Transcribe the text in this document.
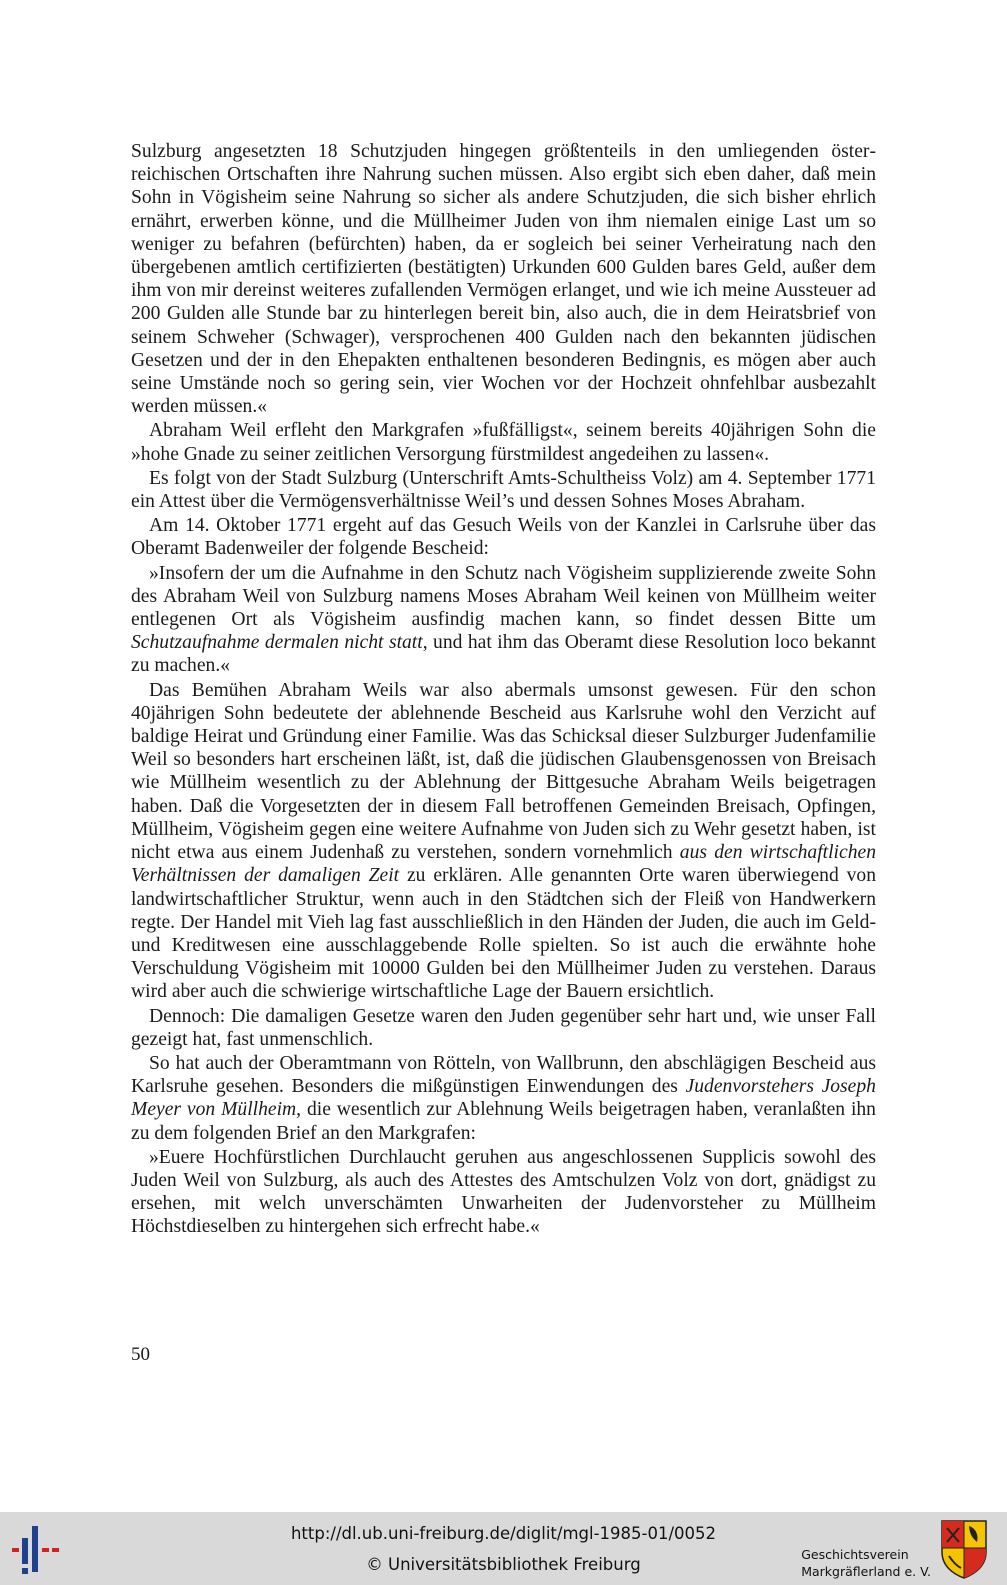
Sulzburg angesetzten 18 Schutzjuden hingegen größtenteils in den umliegenden österreichischen Ortschaften ihre Nahrung suchen müssen. Also ergibt sich eben daher, daß mein Sohn in Vögisheim seine Nahrung so sicher als andere Schutzjuden, die sich bisher ehrlich ernährt, erwerben könne, und die Müllheimer Juden von ihm niemalen einige Last um so weniger zu befahren (befürchten) haben, da er sogleich bei seiner Verheiratung nach den übergebenen amtlich certifizierten (bestätigten) Urkunden 600 Gulden bares Geld, außer dem ihm von mir dereinst weiteres zufallenden Vermögen erlanget, und wie ich meine Aussteuer ad 200 Gulden alle Stunde bar zu hinterlegen bereit bin, also auch, die in dem Heiratsbrief von seinem Schweher (Schwager), versprochenen 400 Gulden nach den bekannten jüdischen Gesetzen und der in den Ehepakten enthaltenen besonderen Bedingnis, es mögen aber auch seine Umstände noch so gering sein, vier Wochen vor der Hochzeit ohnfehlbar ausbezahlt werden müssen.«

Abraham Weil erfleht den Markgrafen »fußfälligst«, seinem bereits 40jährigen Sohn die »hohe Gnade zu seiner zeitlichen Versorgung fürstmildest angedeihen zu lassen«.

Es folgt von der Stadt Sulzburg (Unterschrift Amts-Schultheiss Volz) am 4. September 1771 ein Attest über die Vermögensverhältnisse Weil’s und dessen Sohnes Moses Abraham.

Am 14. Oktober 1771 ergeht auf das Gesuch Weils von der Kanzlei in Carlsruhe über das Oberamt Badenweiler der folgende Bescheid:

»Insofern der um die Aufnahme in den Schutz nach Vögisheim supplizierende zweite Sohn des Abraham Weil von Sulzburg namens Moses Abraham Weil keinen von Müllheim weiter entlegenen Ort als Vögisheim ausfindig machen kann, so findet dessen Bitte um Schutzaufnahme dermalen nicht statt, und hat ihm das Oberamt diese Resolution loco bekannt zu machen.«

Das Bemühen Abraham Weils war also abermals umsonst gewesen. Für den schon 40jährigen Sohn bedeutete der ablehnende Bescheid aus Karlsruhe wohl den Verzicht auf baldige Heirat und Gründung einer Familie. Was das Schicksal dieser Sulzburger Judenfamilie Weil so besonders hart erscheinen läßt, ist, daß die jüdischen Glaubensgenossen von Breisach wie Müllheim wesentlich zu der Ablehnung der Bittgesuche Abraham Weils beigetragen haben. Daß die Vorgesetzten der in diesem Fall betroffenen Gemeinden Breisach, Opfingen, Müllheim, Vögisheim gegen eine weitere Aufnahme von Juden sich zu Wehr gesetzt haben, ist nicht etwa aus einem Judenhaß zu verstehen, sondern vornehmlich aus den wirtschaftlichen Verhältnissen der damaligen Zeit zu erklären. Alle genannten Orte waren überwiegend von landwirtschaftlicher Struktur, wenn auch in den Städtchen sich der Fleiß von Handwerkern regte. Der Handel mit Vieh lag fast ausschließlich in den Händen der Juden, die auch im Geld- und Kreditwesen eine ausschlaggebende Rolle spielten. So ist auch die erwähnte hohe Verschuldung Vögisheim mit 10000 Gulden bei den Müllheimer Juden zu verstehen. Daraus wird aber auch die schwierige wirtschaftliche Lage der Bauern ersichtlich.

Dennoch: Die damaligen Gesetze waren den Juden gegenüber sehr hart und, wie unser Fall gezeigt hat, fast unmenschlich.

So hat auch der Oberamtmann von Rötteln, von Wallbrunn, den abschlägigen Bescheid aus Karlsruhe gesehen. Besonders die mißgünstigen Einwendungen des Judenvorstehers Joseph Meyer von Müllheim, die wesentlich zur Ablehnung Weils beigetragen haben, veranlaßten ihn zu dem folgenden Brief an den Markgrafen:

»Euere Hochfürstlichen Durchlaucht geruhen aus angeschlossenen Supplicis sowohl des Juden Weil von Sulzburg, als auch des Attestes des Amtschulzen Volz von dort, gnädigst zu ersehen, mit welch unverschämten Unwarheiten der Judenvorsteher zu Müllheim Höchstdieselben zu hintergehen sich erfrecht habe.«

50
http://dl.ub.uni-freiburg.de/diglit/mgl-1985-01/0052
© Universitätsbibliothek Freiburg
Geschichtsverein
Markgräflerland e. V.
